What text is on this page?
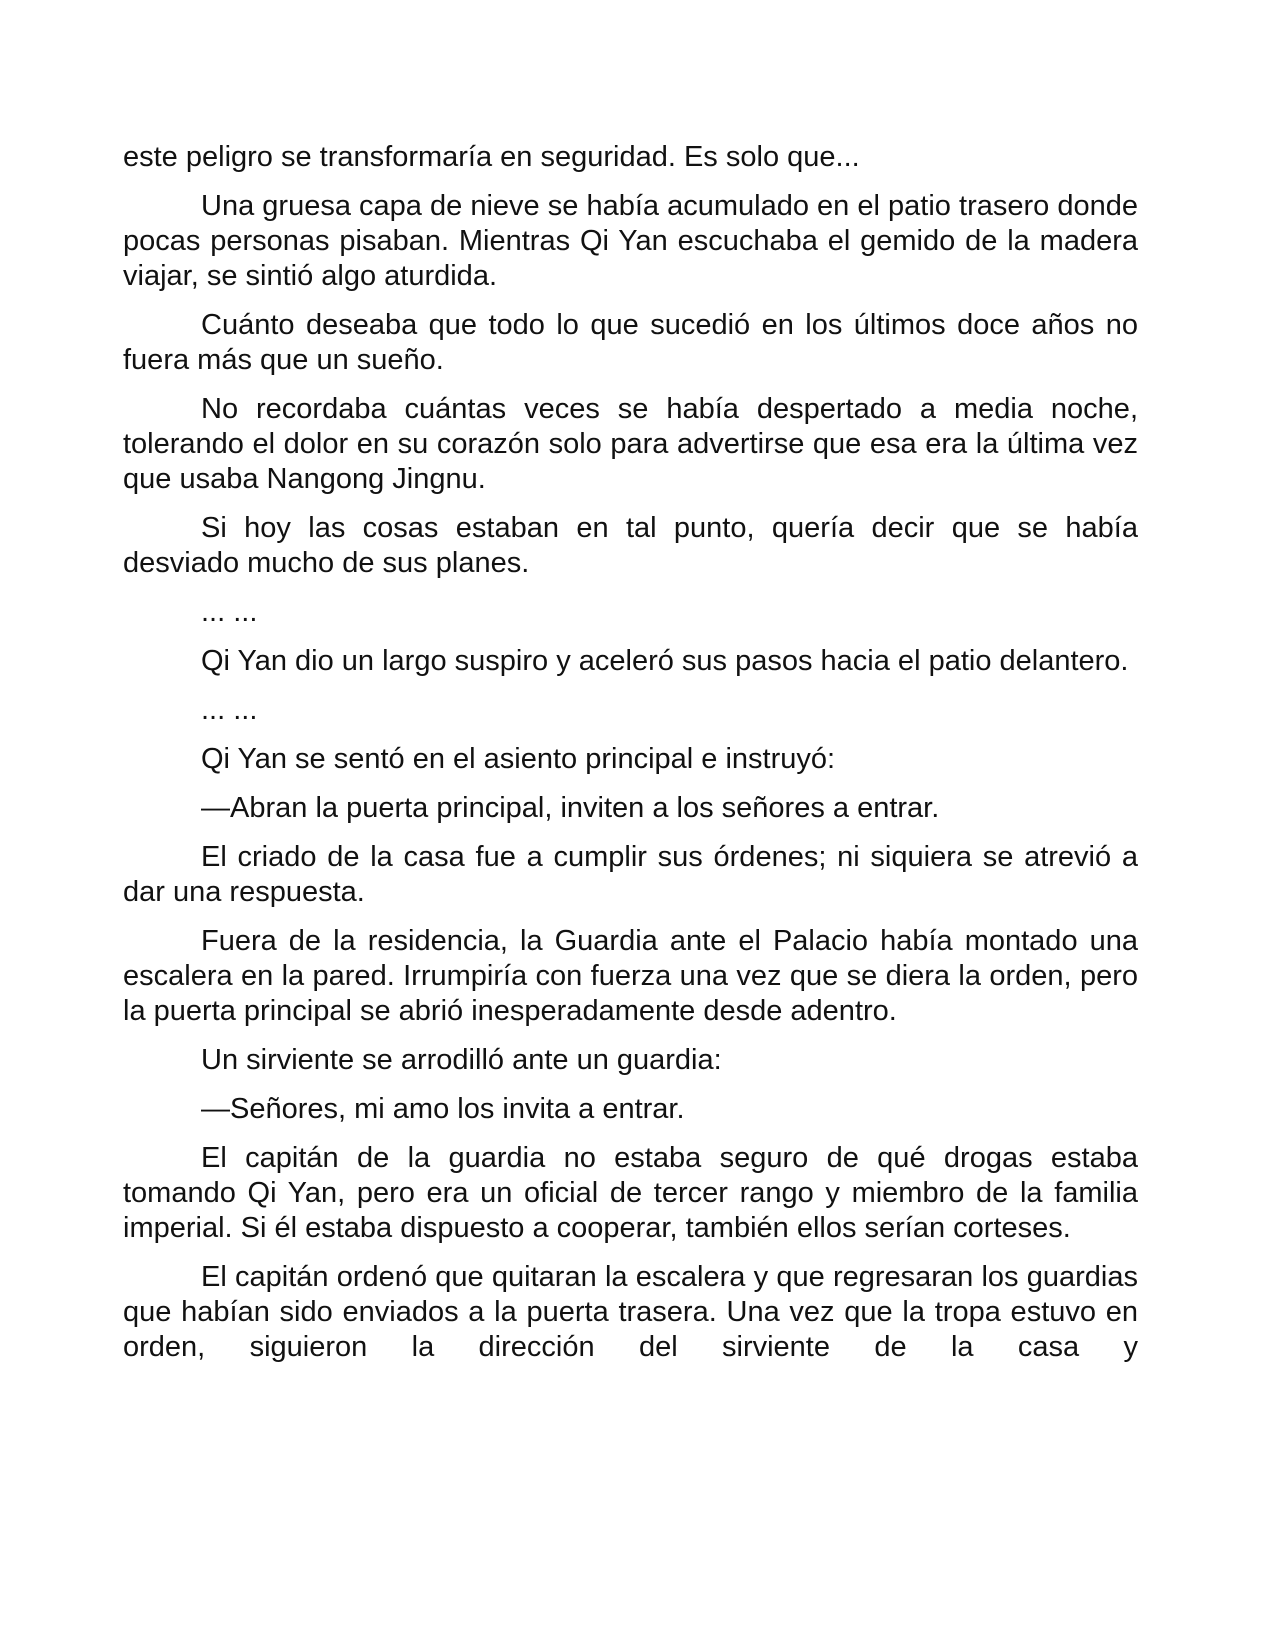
este peligro se transformaría en seguridad. Es solo que...

Una gruesa capa de nieve se había acumulado en el patio trasero donde pocas personas pisaban. Mientras Qi Yan escuchaba el gemido de la madera viajar, se sintió algo aturdida.

Cuánto deseaba que todo lo que sucedió en los últimos doce años no fuera más que un sueño.

No recordaba cuántas veces se había despertado a media noche, tolerando el dolor en su corazón solo para advertirse que esa era la última vez que usaba Nangong Jingnu.

Si hoy las cosas estaban en tal punto, quería decir que se había desviado mucho de sus planes.

... ...

Qi Yan dio un largo suspiro y aceleró sus pasos hacia el patio delantero.

... ...

Qi Yan se sentó en el asiento principal e instruyó:

—Abran la puerta principal, inviten a los señores a entrar.

El criado de la casa fue a cumplir sus órdenes; ni siquiera se atrevió a dar una respuesta.

Fuera de la residencia, la Guardia ante el Palacio había montado una escalera en la pared. Irrumpiría con fuerza una vez que se diera la orden, pero la puerta principal se abrió inesperadamente desde adentro.

Un sirviente se arrodilló ante un guardia:

—Señores, mi amo los invita a entrar.

El capitán de la guardia no estaba seguro de qué drogas estaba tomando Qi Yan, pero era un oficial de tercer rango y miembro de la familia imperial. Si él estaba dispuesto a cooperar, también ellos serían corteses.

El capitán ordenó que quitaran la escalera y que regresaran los guardias que habían sido enviados a la puerta trasera. Una vez que la tropa estuvo en orden, siguieron la dirección del sirviente de la casa y
